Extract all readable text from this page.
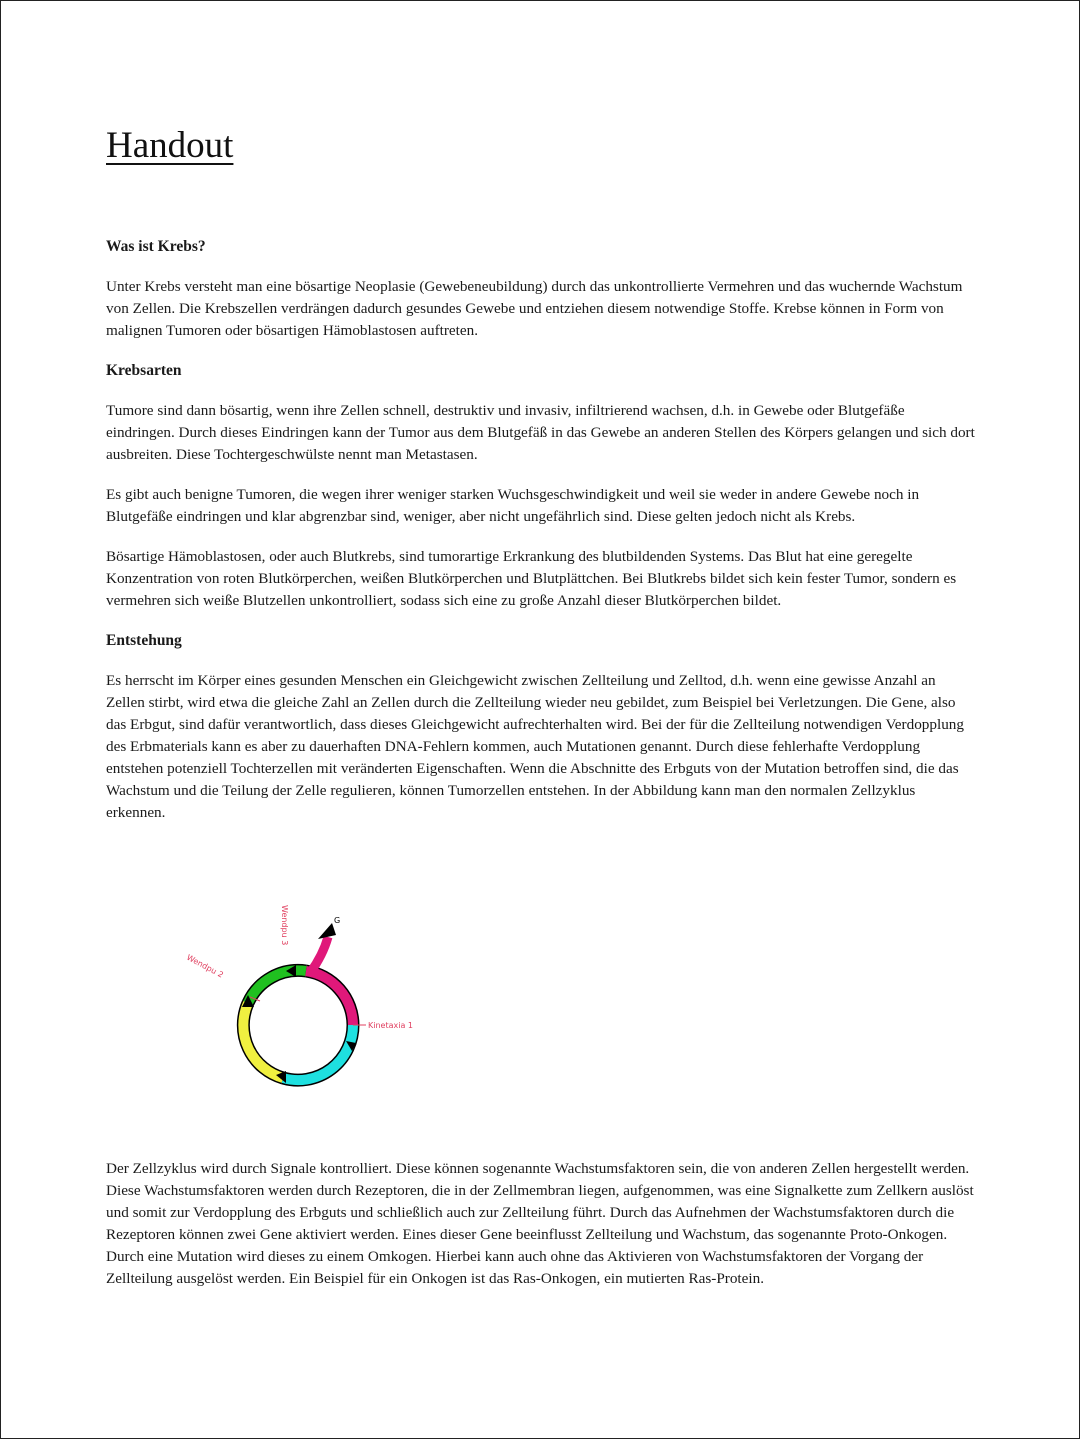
Handout
Was ist Krebs?

Unter Krebs versteht man eine bösartige Neoplasie (Gewebeneubildung) durch das unkontrollierte Vermehren und das wuchernde Wachstum von Zellen. Die Krebszellen verdrängen dadurch gesundes Gewebe und entziehen diesem notwendige Stoffe. Krebse können in Form von malignen Tumoren oder bösartigen Hämoblastosen auftreten.

Krebsarten

Tumore sind dann bösartig, wenn ihre Zellen schnell, destruktiv und invasiv, infiltrierend wachsen, d.h. in Gewebe oder Blutgefäße eindringen. Durch dieses Eindringen kann der Tumor aus dem Blutgefäß in das Gewebe an anderen Stellen des Körpers gelangen und sich dort ausbreiten. Diese Tochtergeschwülste nennt man Metastasen.

Es gibt auch benigne Tumoren, die wegen ihrer weniger starken Wuchsgeschwindigkeit und weil sie weder in andere Gewebe noch in Blutgefäße eindringen und klar abgrenzbar sind, weniger, aber nicht ungefährlich sind. Diese gelten jedoch nicht als Krebs.

Bösartige Hämoblastosen, oder auch Blutkrebs, sind tumorartige Erkrankung des blutbildenden Systems. Das Blut hat eine geregelte Konzentration von roten Blutkörperchen, weißen Blutkörperchen und Blutplättchen. Bei Blutkrebs bildet sich kein fester Tumor, sondern es vermehren sich weiße Blutzellen unkontrolliert, sodass sich eine zu große Anzahl dieser Blutkörperchen bildet.

Entstehung

Es herrscht im Körper eines gesunden Menschen ein Gleichgewicht zwischen Zellteilung und Zelltod, d.h. wenn eine gewisse Anzahl an Zellen stirbt, wird etwa die gleiche Zahl an Zellen durch die Zellteilung wieder neu gebildet, zum Beispiel bei Verletzungen. Die Gene, also das Erbgut, sind dafür verantwortlich, dass dieses Gleichgewicht aufrechterhalten wird. Bei der für die Zellteilung notwendigen Verdopplung des Erbmaterials kann es aber zu dauerhaften DNA-Fehlern kommen, auch Mutationen genannt. Durch diese fehlerhafte Verdopplung entstehen potenziell Tochterzellen mit veränderten Eigenschaften. Wenn die Abschnitte des Erbguts von der Mutation betroffen sind, die das Wachstum und die Teilung der Zelle regulieren, können Tumorzellen entstehen. In der Abbildung kann man den normalen Zellzyklus erkennen.

Kinetaxia 1
Wendpu 2
Wendpu 3	G

Der Zellzyklus wird durch Signale kontrolliert. Diese können sogenannte Wachstumsfaktoren sein, die von anderen Zellen hergestellt werden. Diese Wachstumsfaktoren werden durch Rezeptoren, die in der Zellmembran liegen, aufgenommen, was eine Signalkette zum Zellkern auslöst und somit zur Verdopplung des Erbguts und schließlich auch zur Zellteilung führt. Durch das Aufnehmen der Wachstumsfaktoren durch die Rezeptoren können zwei Gene aktiviert werden. Eines dieser Gene beeinflusst Zellteilung und Wachstum, das sogenannte Proto-Onkogen. Durch eine Mutation wird dieses zu einem Omkogen. Hierbei kann auch ohne das Aktivieren von Wachstumsfaktoren der Vorgang der Zellteilung ausgelöst werden. Ein Beispiel für ein Onkogen ist das Ras-Onkogen, ein mutierten Ras-Protein.
